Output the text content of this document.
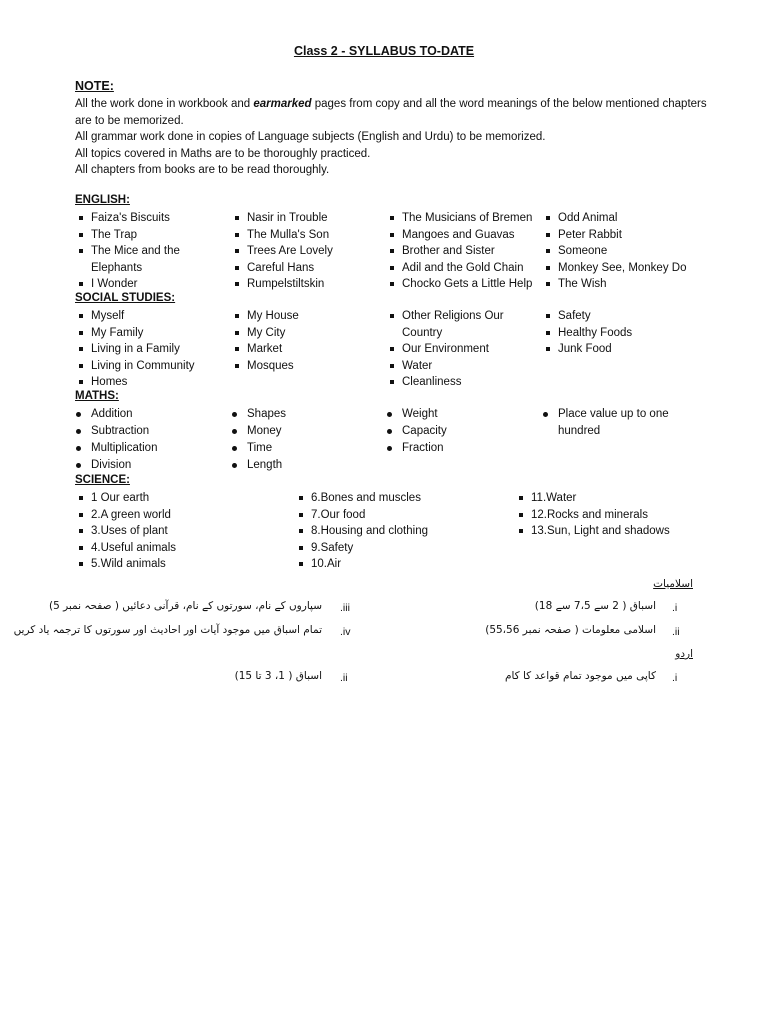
Class 2 - SYLLABUS TO-DATE
NOTE:
All the work done in workbook and earmarked pages from copy and all the word meanings of the below mentioned chapters are to be memorized.
All grammar work done in copies of Language subjects (English and Urdu) to be memorized.
All topics covered in Maths are to be thoroughly practiced.
All chapters from books are to be read thoroughly.
ENGLISH:
Faiza's Biscuits
The Trap
The Mice and the Elephants
I Wonder
Nasir in Trouble
The Mulla's Son
Trees Are Lovely
Careful Hans
Rumpelstiltskin
The Musicians of Bremen
Mangoes and Guavas
Brother and Sister
Adil and the Gold Chain
Chocko Gets a Little Help
Odd Animal
Peter Rabbit
Someone
Monkey See, Monkey Do
The Wish
SOCIAL STUDIES:
Myself
My Family
Living in a Family
Living in Community
Homes
My House
My City
Market
Mosques
Other Religions Our Country
Our Environment
Water
Cleanliness
Safety
Healthy Foods
Junk Food
MATHS:
Addition
Subtraction
Multiplication
Division
Shapes
Money
Time
Length
Weight
Capacity
Fraction
Place value up to one hundred
SCIENCE:
1 Our earth
2.A green world
3.Uses of plant
4.Useful animals
5.Wild animals
6.Bones and muscles
7.Our food
8.Housing and clothing
9.Safety
10.Air
11.Water
12.Rocks and minerals
13.Sun, Light and shadows
اسلامیات
.i
اسباق ( 2 سے 7،5 سے 18)
.iii
سپاروں کے نام، سورتوں کے نام، قرآنی دعائیں ( صفحہ نمبر 5)
.ii
اسلامی معلومات ( صفحہ نمبر 55،56)
.iv
تمام اسباق میں موجود آیات اور احادیث اور سورتوں کا ترجمہ یاد کریں
اردو
.i
کاپی میں موجود تمام قواعد کا کام
.ii
اسباق ( 1، 3 تا 15)
